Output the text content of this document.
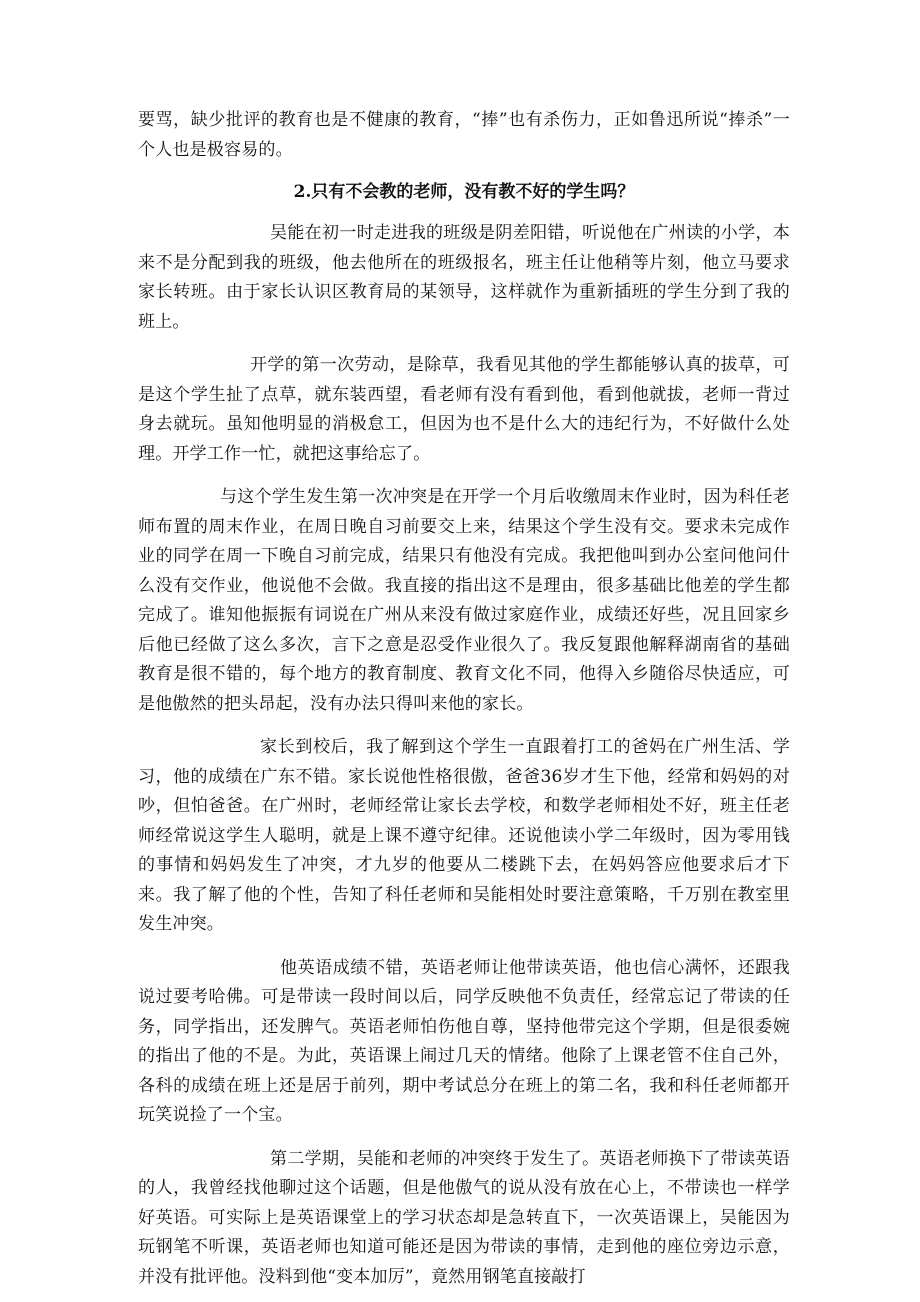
要骂，缺少批评的教育也是不健康的教育，“捧”也有杀伤力，正如鲁迅所说“捧杀”一个人也是极容易的。

2.只有不会教的老师，没有教不好的学生吗？

吴能在初一时走进我的班级是阴差阳错，听说他在广州读的小学，本来不是分配到我的班级，他去他所在的班级报名，班主任让他稍等片刻，他立马要求家长转班。由于家长认识区教育局的某领导，这样就作为重新插班的学生分到了我的班上。

开学的第一次劳动，是除草，我看见其他的学生都能够认真的拔草，可是这个学生扯了点草，就东装西望，看老师有没有看到他，看到他就拔，老师一背过身去就玩。虽知他明显的消极怠工，但因为也不是什么大的违纪行为，不好做什么处理。开学工作一忙，就把这事给忘了。

与这个学生发生第一次冲突是在开学一个月后收缴周末作业时，因为科任老师布置的周末作业，在周日晚自习前要交上来，结果这个学生没有交。要求未完成作业的同学在周一下晚自习前完成，结果只有他没有完成。我把他叫到办公室问他问什么没有交作业，他说他不会做。我直接的指出这不是理由，很多基础比他差的学生都完成了。谁知他振振有词说在广州从来没有做过家庭作业，成绩还好些，况且回家乡后他已经做了这么多次，言下之意是忍受作业很久了。我反复跟他解释湖南省的基础教育是很不错的，每个地方的教育制度、教育文化不同，他得入乡随俗尽快适应，可是他傲然的把头昂起，没有办法只得叫来他的家长。

家长到校后，我了解到这个学生一直跟着打工的爸妈在广州生活、学习，他的成绩在广东不错。家长说他性格很傲，爸爸36岁才生下他，经常和妈妈的对吵，但怕爸爸。在广州时，老师经常让家长去学校，和数学老师相处不好，班主任老师经常说这学生人聪明，就是上课不遵守纪律。还说他读小学二年级时，因为零用钱的事情和妈妈发生了冲突，才九岁的他要从二楼跳下去，在妈妈答应他要求后才下来。我了解了他的个性，告知了科任老师和吴能相处时要注意策略，千万别在教室里发生冲突。

他英语成绩不错，英语老师让他带读英语，他也信心满怀，还跟我说过要考哈佛。可是带读一段时间以后，同学反映他不负责任，经常忘记了带读的任务，同学指出，还发脾气。英语老师怕伤他自尊，坚持他带完这个学期，但是很委婉的指出了他的不是。为此，英语课上闹过几天的情绪。他除了上课老管不住自己外，各科的成绩在班上还是居于前列，期中考试总分在班上的第二名，我和科任老师都开玩笑说捡了一个宝。

第二学期，吴能和老师的冲突终于发生了。英语老师换下了带读英语的人，我曾经找他聊过这个话题，但是他傲气的说从没有放在心上，不带读也一样学好英语。可实际上是英语课堂上的学习状态却是急转直下，一次英语课上，吴能因为玩钢笔不听课，英语老师也知道可能还是因为带读的事情，走到他的座位旁边示意，并没有批评他。没料到他“变本加厉”，竟然用钢笔直接敲打
